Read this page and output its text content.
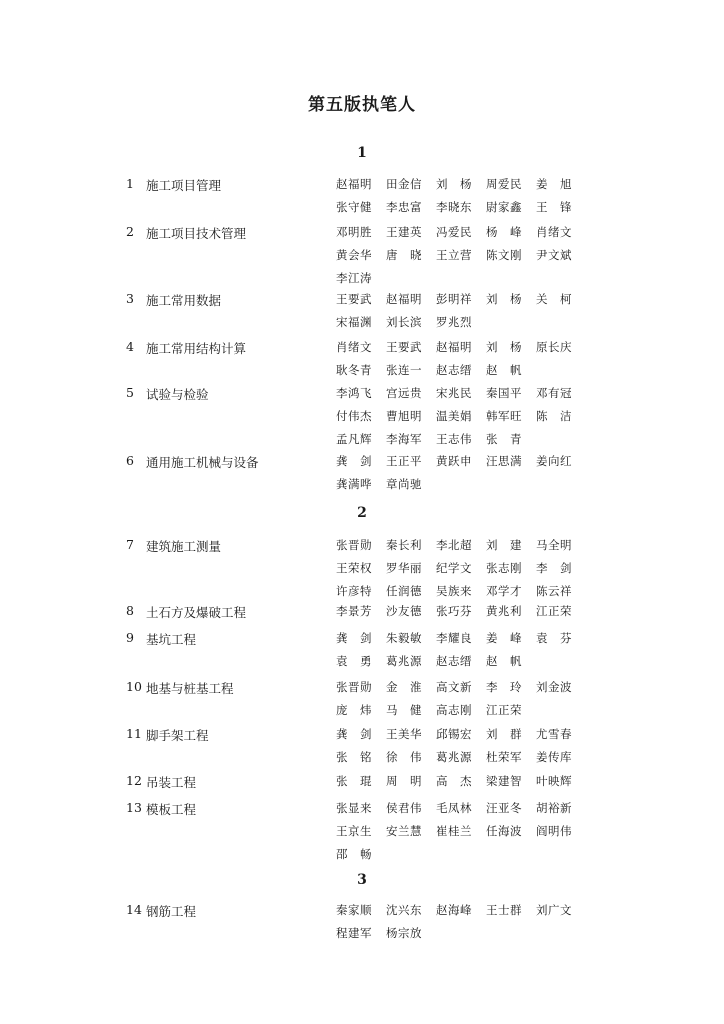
第五版执笔人
1
1 施工项目管理	赵福明 田金信 刘　杨 周爱民 姜　旭
张守健 李忠富 李晓东 尉家鑫 王　锋
2 施工项目技术管理	邓明胜 王建英 冯爱民 杨　峰 肖绪文
黄会华 唐　晓 王立营 陈文刚 尹文斌
李江涛
3 施工常用数据	王要武 赵福明 彭明祥 刘　杨 关　柯
宋福渊 刘长滨 罗兆烈
4 施工常用结构计算	肖绪文 王要武 赵福明 刘　杨 原长庆
耿冬青 张连一 赵志缙 赵　帆
5 试验与检验	李鸿飞 宫远贵 宋兆民 秦国平 邓有冠
付伟杰 曹旭明 温美娟 韩军旺 陈　洁
孟凡辉 李海军 王志伟 张　青
6 通用施工机械与设备	龚　剑 王正平 黄跃申 汪思满 姜向红
龚满哗 章尚驰
2
7 建筑施工测量	张晋勋 秦长利 李北超 刘　建 马全明
王荣权 罗华丽 纪学文 张志刚 李　剑
许彦特 任润德 吴族来 邓学才 陈云祥
8 土石方及爆破工程	李景芳 沙友德 张巧芬 黄兆利 江正荣
9 基坑工程	龚　剑 朱毅敏 李耀良 姜　峰 袁　芬
袁　勇 葛兆源 赵志缙 赵　帆
10 地基与桩基工程	张晋勋 金　淮 高文新 李　玲 刘金波
庞　炜 马　健 高志刚 江正荣
11 脚手架工程	龚　剑 王美华 邱锡宏 刘　群 尤雪春
张　铭 徐　伟 葛兆源 杜荣军 姜传库
12 吊装工程	张　琨 周　明 高　杰 梁建智 叶映辉
13 模板工程	张显来 侯君伟 毛凤林 汪亚冬 胡裕新
王京生 安兰慧 崔桂兰 任海波 阎明伟
邵　畅
3
14 钢筋工程	秦家顺 沈兴东 赵海峰 王士群 刘广文
程建军 杨宗放
